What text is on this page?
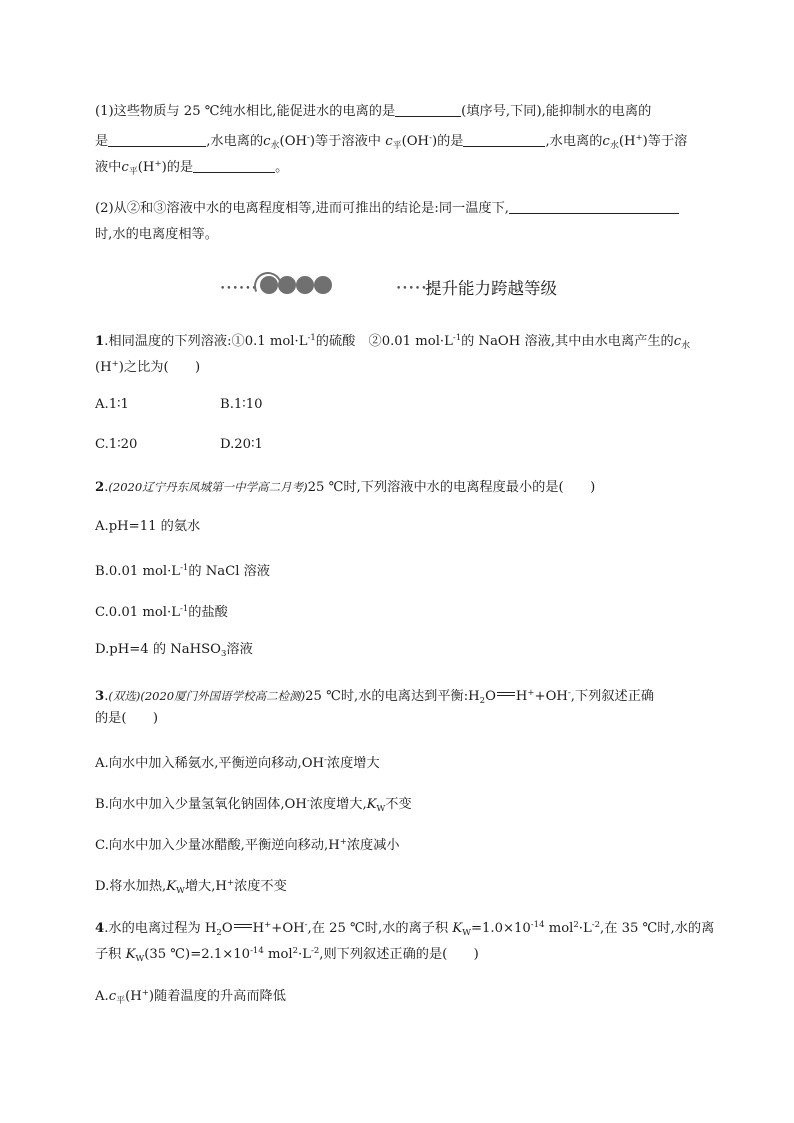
(1)这些物质与 25 ℃纯水相比,能促进水的电离的是	(填序号,下同),能抑制水的电离的
是	,水电离的$c_水(OH^-)$等于溶液中 $c_平(OH^-)$的是	,水电离的$c_水(H^+)$等于溶
液中$c_平(H^+)$的是	。
(2)从②和③溶液中水的电离程度相等,进而可推出的结论是:同一温度下,
时,水的电离度相等。
••••••	••••••
提升能力跨越等级
1.相同温度的下列溶液:①0.1 $mol\cdot L^{-1}$的硫酸　②0.01 $mol\cdot L^{-1}$的 NaOH 溶液,其中由水电离产生的$c_水$
(H+)之比为(　　)
A.1∶1	B.1∶10
C.1∶20	D.20∶1
2.(2020辽宁丹东凤城第一中学高二月考)25 ℃时,下列溶液中水的电离程度最小的是(　　)
A.pH=11 的氨水
B.0.01 $mol\cdot L^{-1}$的 NaCl 溶液
C.0.01 $mol\cdot L^{-1}$的盐酸
D.pH=4 的 NaHSO$_3$溶液
3.(双选)(2020厦门外国语学校高二检测)25 ℃时,水的电离达到平衡$:H_2O$ H++OH-,下列叙述正确
的是(　　)
A.向水中加入稀氨水,平衡逆向移动,OH-浓度增大
B.向水中加入少量氢氧化钠固体,OH-浓度增大$,K_W$不变
C.向水中加入少量冰醋酸,平衡逆向移动,H+浓度减小
D.将水加热$,K_W$增大,H+浓度不变
4.水的电离过程为 $H_2O$ H++OH-,在 25 ℃时,水的离子积 $K_W=1.0\times 10^{-14}$ $mol^2\cdot L^{-2}$,在 35 ℃时,水的离
子积 $K_W(35$ $℃)=2.1\times 10^{-14}$ $mol^2\cdot L^{-2}$,则下列叙述正确的是(　　)
$A.c_平(H^+)$随着温度的升高而降低
